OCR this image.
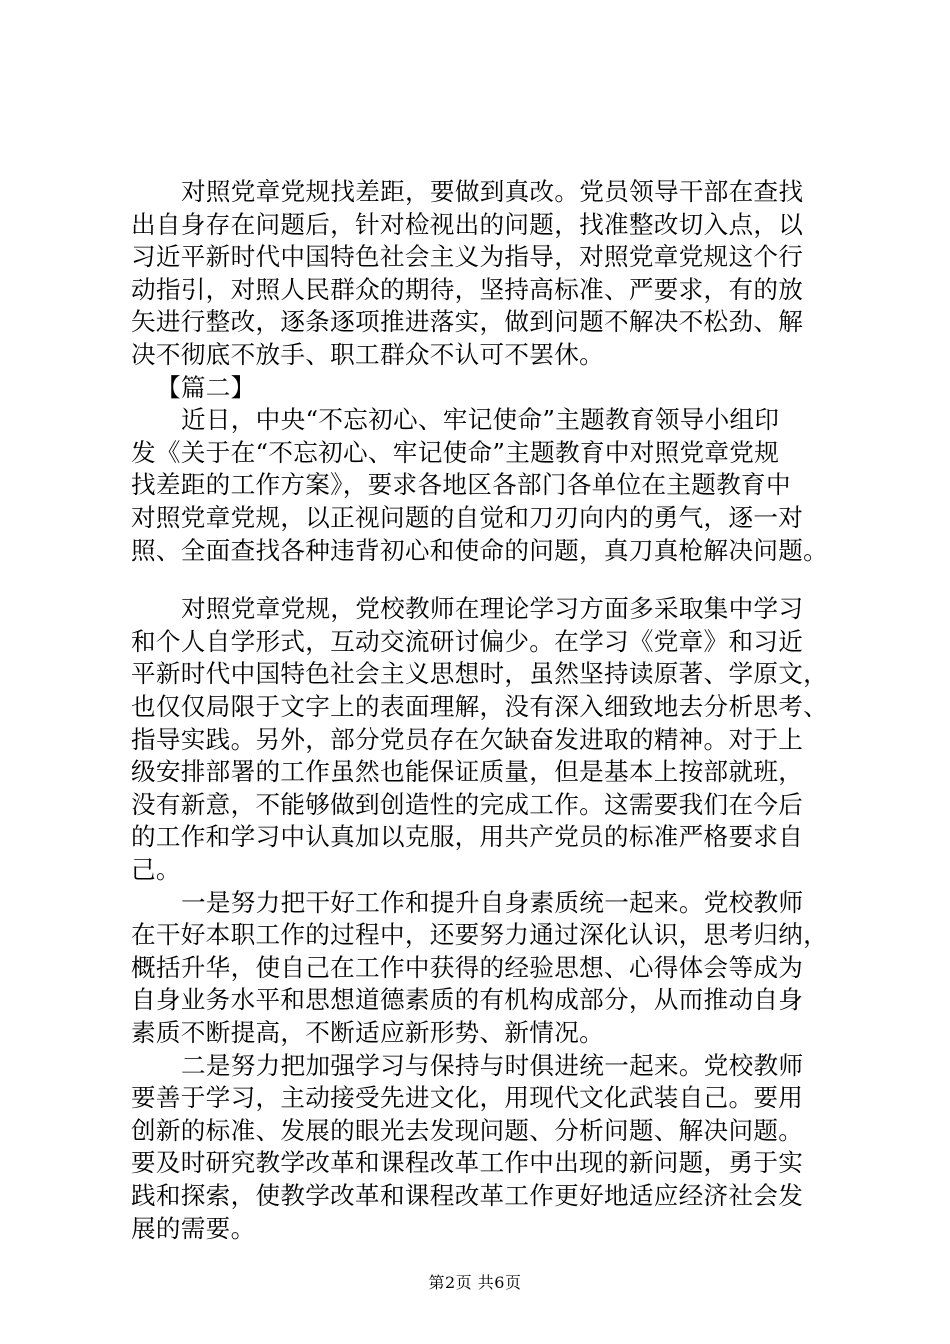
第2页 共6页
对照党章党规找差距，要做到真改。党员领导干部在查找
出自身存在问题后，针对检视出的问题，找准整改切入点，以
习近平新时代中国特色社会主义为指导，对照党章党规这个行
动指引，对照人民群众的期待，坚持高标准、严要求，有的放
矢进行整改，逐条逐项推进落实，做到问题不解决不松劲、解
决不彻底不放手、职工群众不认可不罢休。
【篇二】
近日，中央“不忘初心、牢记使命”主题教育领导小组印
发《关于在“不忘初心、牢记使命”主题教育中对照党章党规
找差距的工作方案》，要求各地区各部门各单位在主题教育中
对照党章党规，以正视问题的自觉和刀刃向内的勇气，逐一对
照、全面查找各种违背初心和使命的问题，真刀真枪解决问题。
对照党章党规，党校教师在理论学习方面多采取集中学习
和个人自学形式，互动交流研讨偏少。在学习《党章》和习近
平新时代中国特色社会主义思想时，虽然坚持读原著、学原文，
也仅仅局限于文字上的表面理解，没有深入细致地去分析思考、
指导实践。另外，部分党员存在欠缺奋发进取的精神。对于上
级安排部署的工作虽然也能保证质量，但是基本上按部就班，
没有新意，不能够做到创造性的完成工作。这需要我们在今后
的工作和学习中认真加以克服，用共产党员的标准严格要求自
己。
一是努力把干好工作和提升自身素质统一起来。党校教师
在干好本职工作的过程中，还要努力通过深化认识，思考归纳，
概括升华，使自己在工作中获得的经验思想、心得体会等成为
自身业务水平和思想道德素质的有机构成部分，从而推动自身
素质不断提高，不断适应新形势、新情况。
二是努力把加强学习与保持与时俱进统一起来。党校教师
要善于学习，主动接受先进文化，用现代文化武装自己。要用
创新的标准、发展的眼光去发现问题、分析问题、解决问题。
要及时研究教学改革和课程改革工作中出现的新问题，勇于实
践和探索，使教学改革和课程改革工作更好地适应经济社会发
展的需要。
